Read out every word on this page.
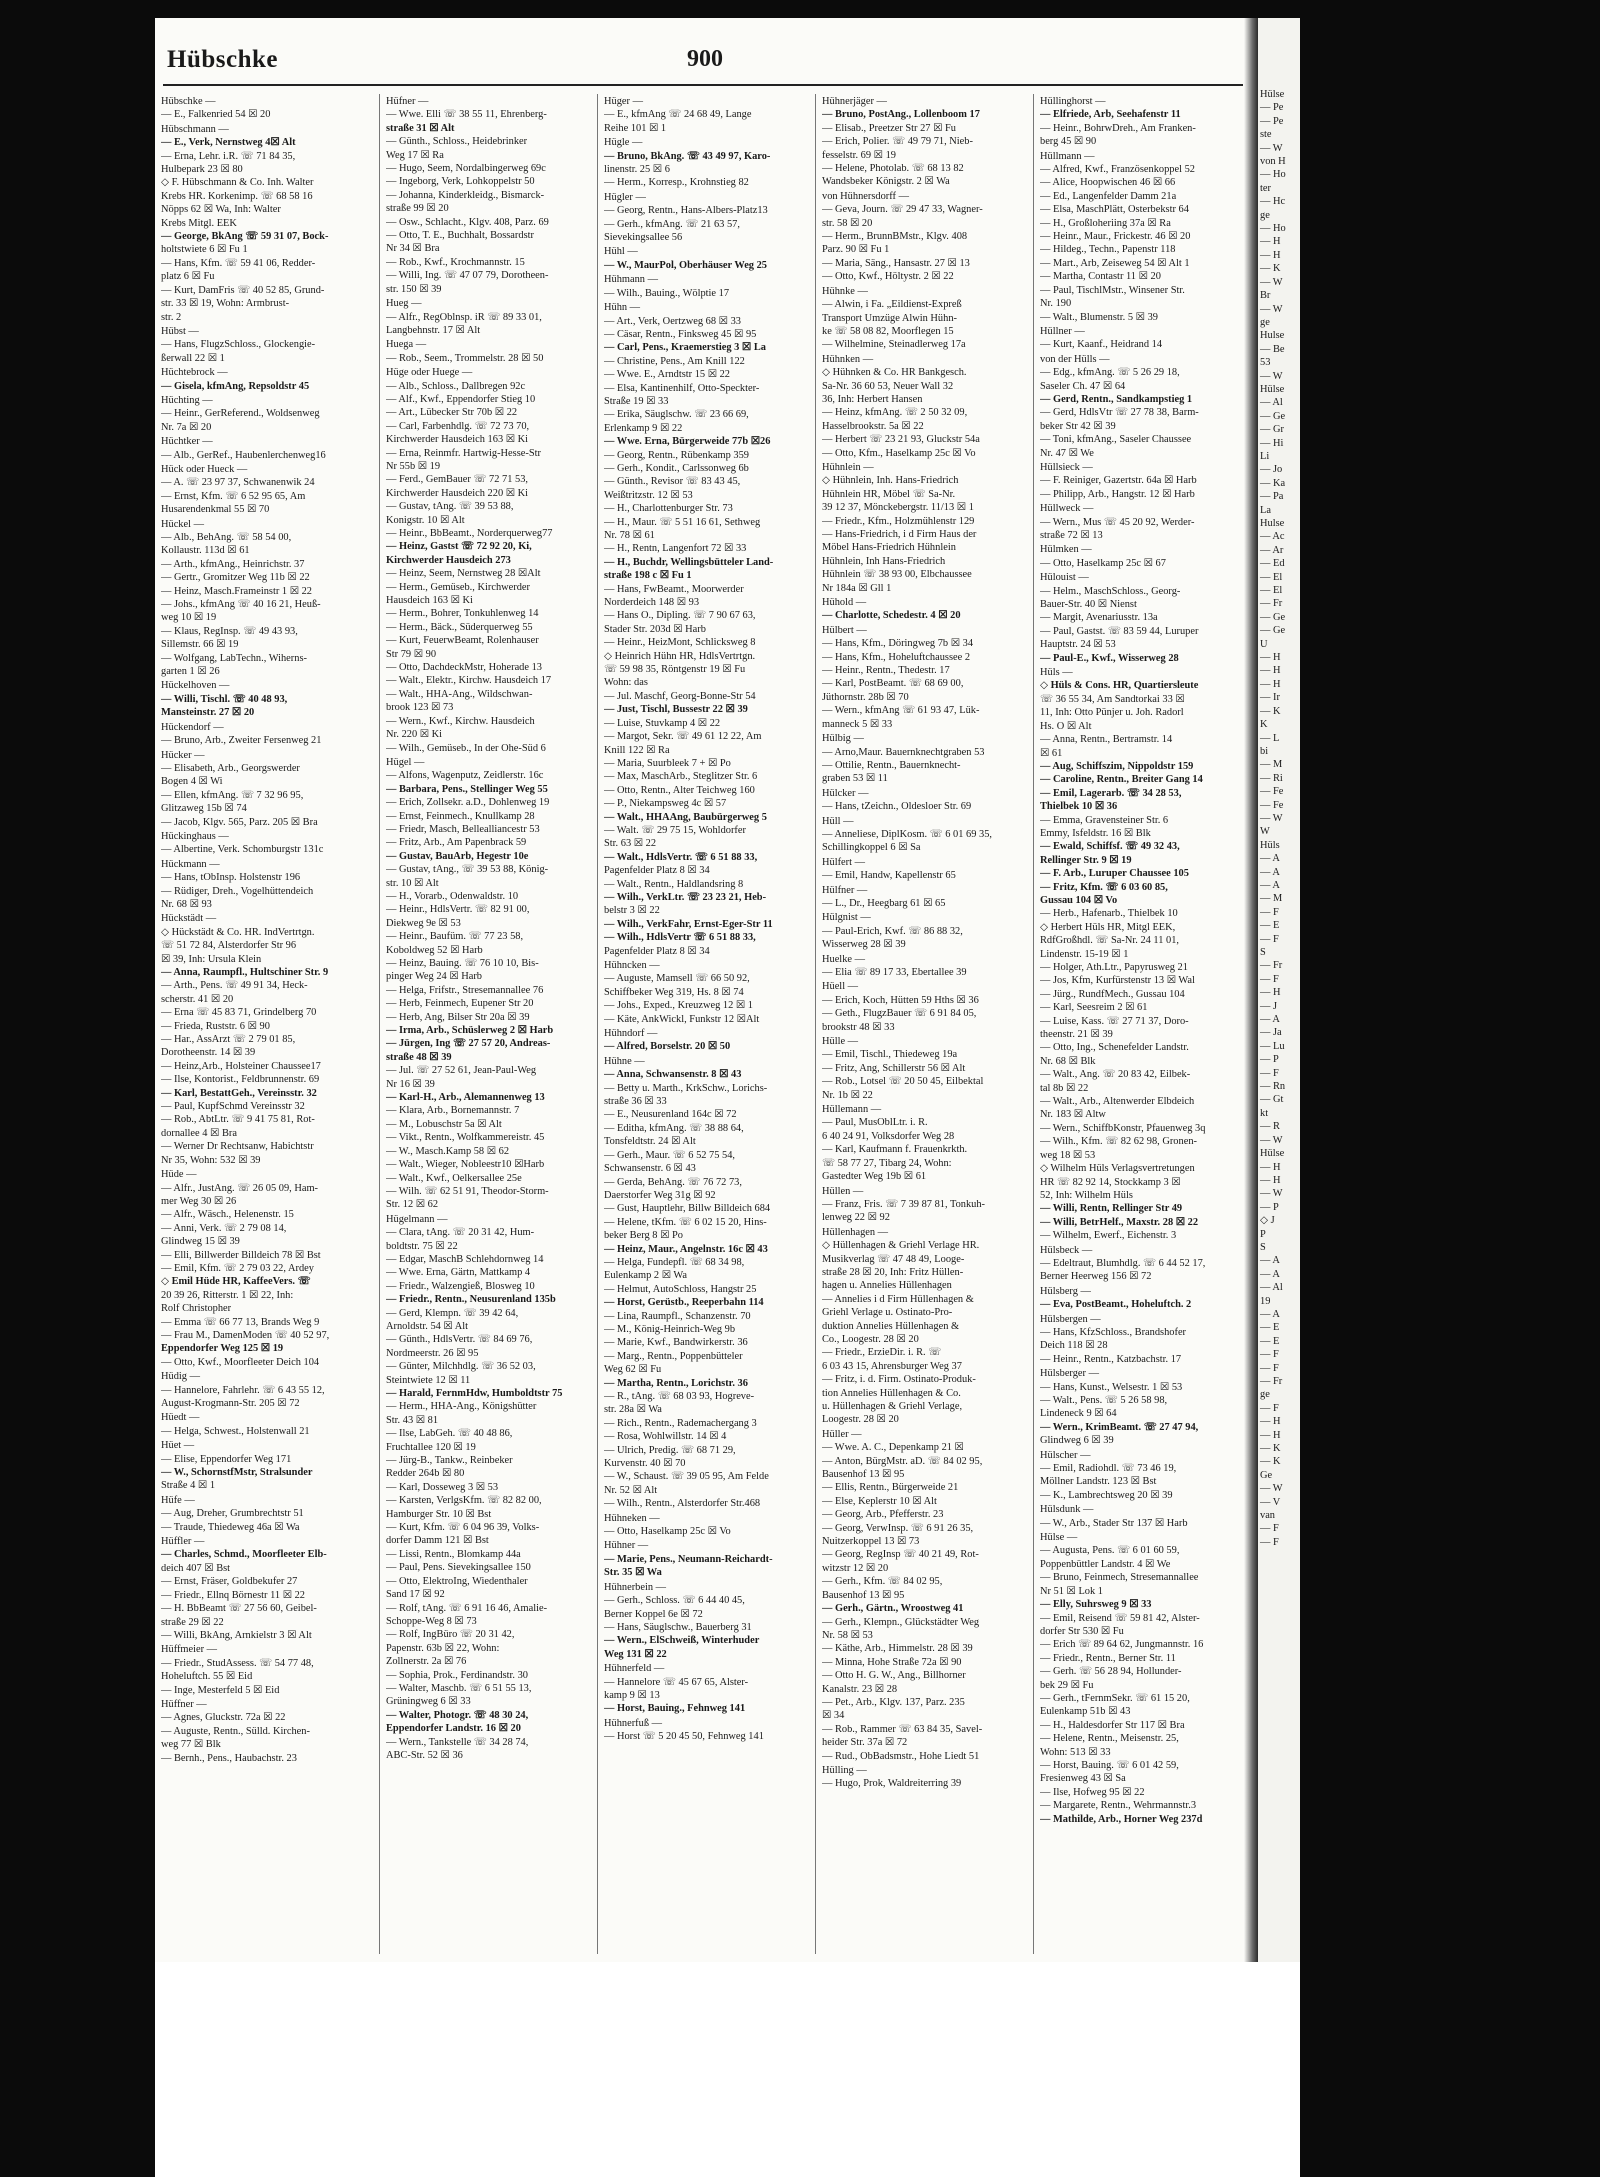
Hübschke	900
Hübschke —
— E., Falkenried 54 ☒ 20
Hübschmann —
— E., Verk, Nernstweg 4☒ Alt
— Erna, Lehr. i.R. ☏ 71 84 35,
Hulbepark 23 ☒ 80
◇ F. Hübschmann & Co. Inh. Walter
Krebs HR. Korkenimp. ☏ 68 58 16
Nöpps 62 ☒ Wa, Inh: Walter
Krebs Mitgl. EEK
— George, BkAng ☏ 59 31 07, Bock-
holtstwiete 6 ☒ Fu 1
— Hans, Kfm. ☏ 59 41 06, Redder-
platz 6 ☒ Fu
— Kurt, DamFris ☏ 40 52 85, Grund-
str. 33 ☒ 19, Wohn: Armbrust-
str. 2
Hübst —
— Hans, FlugzSchloss., Glockengie-
ßerwall 22 ☒ 1
Hüchtebrock —
— Gisela, kfmAng, Repsoldstr 45
Hüchting —
— Heinr., GerReferend., Woldsenweg
Nr. 7a ☒ 20
Hüchtker —
— Alb., GerRef., Haubenlerchenweg16
Hück oder Hueck —
— A. ☏ 23 97 37, Schwanenwik 24
— Ernst, Kfm. ☏ 6 52 95 65, Am
Husarendenkmal 55 ☒ 70
Hückel —
— Alb., BehAng. ☏ 58 54 00,
Kollaustr. 113d ☒ 61
— Arth., kfmAng., Heinrichstr. 37
— Gertr., Gromitzer Weg 11b ☒ 22
— Heinz, Masch.Frameinstr 1 ☒ 22
— Johs., kfmAng ☏ 40 16 21, Heuß-
weg 10 ☒ 19
— Klaus, RegInsp. ☏ 49 43 93,
Sillemstr. 66 ☒ 19
— Wolfgang, LabTechn., Wiherns-
garten 1 ☒ 26
Hückelhoven —
— Willi, Tischl. ☏ 40 48 93,
Mansteinstr. 27 ☒ 20
Hückendorf —
— Bruno, Arb., Zweiter Fersenweg 21
Hücker —
— Elisabeth, Arb., Georgswerder
Bogen 4 ☒ Wi
— Ellen, kfmAng. ☏ 7 32 96 95,
Glitzaweg 15b ☒ 74
— Jacob, Klgv. 565, Parz. 205 ☒ Bra
Hückinghaus —
— Albertine, Verk. Schomburgstr 131c
Hückmann —
— Hans, tObInsp. Holstenstr 196
— Rüdiger, Dreh., Vogelhüttendeich
Nr. 68 ☒ 93
Hückstädt —
◇ Hückstädt & Co. HR. IndVertrtgn.
☏ 51 72 84, Alsterdorfer Str 96
☒ 39, Inh: Ursula Klein
— Anna, Raumpfl., Hultschiner Str. 9
— Arth., Pens. ☏ 49 91 34, Heck-
scherstr. 41 ☒ 20
— Erna ☏ 45 83 71, Grindelberg 70
— Frieda, Ruststr. 6 ☒ 90
— Har., AssArzt ☏ 2 79 01 85,
Dorotheenstr. 14 ☒ 39
— Heinz,Arb., Holsteiner Chaussee17
— Ilse, Kontorist., Feldbrunnenstr. 69
— Karl, BestattGeh., Vereinsstr. 32
— Paul, KupfSchmd Vereinsstr 32
— Rob., AbtLtr. ☏ 9 41 75 81, Rot-
dornallee 4 ☒ Bra
— Werner Dr Rechtsanw, Habichtstr
Nr 35, Wohn: 532 ☒ 39
Hüde —
— Alfr., JustAng. ☏ 26 05 09, Ham-
mer Weg 30 ☒ 26
— Alfr., Wäsch., Helenenstr. 15
— Anni, Verk. ☏ 2 79 08 14,
Glindweg 15 ☒ 39
— Elli, Billwerder Billdeich 78 ☒ Bst
— Emil, Kfm. ☏ 2 79 03 22, Ardey
◇ Emil Hüde HR, KaffeeVers. ☏
20 39 26, Ritterstr. 1 ☒ 22, Inh:
Rolf Christopher
— Emma ☏ 66 77 13, Brands Weg 9
— Frau M., DamenModen ☏ 40 52 97,
Eppendorfer Weg 125 ☒ 19
— Otto, Kwf., Moorfleeter Deich 104
Hüdig —
— Hannelore, Fahrlehr. ☏ 6 43 55 12,
August-Krogmann-Str. 205 ☒ 72
Hüedt —
— Helga, Schwest., Holstenwall 21
Hüet —
— Elise, Eppendorfer Weg 171
— W., SchornstfMstr, Stralsunder
Straße 4 ☒ 1
Hüfe —
— Aug, Dreher, Grumbrechtstr 51
— Traude, Thiedeweg 46a ☒ Wa
Hüffler —
— Charles, Schmd., Moorfleeter Elb-
deich 407 ☒ Bst
— Ernst, Fräser, Goldbekufer 27
— Friedr., Ellnq Börnestr 11 ☒ 22
— H. BbBeamt ☏ 27 56 60, Geibel-
straße 29 ☒ 22
— Willi, BkAng, Arnkielstr 3 ☒ Alt
Hüffmeier —
— Friedr., StudAssess. ☏ 54 77 48,
Hoheluftch. 55 ☒ Eid
— Inge, Mesterfeld 5 ☒ Eid
Hüffner —
— Agnes, Gluckstr. 72a ☒ 22
— Auguste, Rentn., Sülld. Kirchen-
weg 77 ☒ Blk
— Bernh., Pens., Haubachstr. 23
Hüfner —
— Wwe. Elli ☏ 38 55 11, Ehrenberg-
straße 31 ☒ Alt
— Günth., Schloss., Heidebrinker
Weg 17 ☒ Ra
— Hugo, Seem, Nordalbingerweg 69c
— Ingeborg, Verk, Lohkoppelstr 50
— Johanna, Kinderkleidg., Bismarck-
straße 99 ☒ 20
— Osw., Schlacht., Klgv. 408, Parz. 69
— Otto, T. E., Buchhalt, Bossardstr
Nr 34 ☒ Bra
— Rob., Kwf., Krochmannstr. 15
— Willi, Ing. ☏ 47 07 79, Dorotheen-
str. 150 ☒ 39
Hueg —
— Alfr., RegOblnsp. iR ☏ 89 33 01,
Langbehnstr. 17 ☒ Alt
Huega —
— Rob., Seem., Trommelstr. 28 ☒ 50
Hüge oder Huege —
— Alb., Schloss., Dallbregen 92c
— Alf., Kwf., Eppendorfer Stieg 10
— Art., Lübecker Str 70b ☒ 22
— Carl, Farbenhdlg. ☏ 72 73 70,
Kirchwerder Hausdeich 163 ☒ Ki
— Erna, Reinmfr. Hartwig-Hesse-Str
Nr 55b ☒ 19
— Ferd., GemBauer ☏ 72 71 53,
Kirchwerder Hausdeich 220 ☒ Ki
— Gustav, tAng. ☏ 39 53 88,
Konigstr. 10 ☒ Alt
— Heinr., BbBeamt., Norderquerweg77
— Heinz, Gastst ☏ 72 92 20, Ki,
Kirchwerder Hausdeich 273
— Heinz, Seem, Nernstweg 28 ☒Alt
— Herm., Gemüseb., Kirchwerder
Hausdeich 163 ☒ Ki
— Herm., Bohrer, Tonkuhlenweg 14
— Herm., Bäck., Süderquerweg 55
— Kurt, FeuerwBeamt, Rolenhauser
Str 79 ☒ 90
— Otto, DachdeckMstr, Hoherade 13
— Walt., Elektr., Kirchw. Hausdeich 17
— Walt., HHA-Ang., Wildschwan-
brook 123 ☒ 73
— Wern., Kwf., Kirchw. Hausdeich
Nr. 220 ☒ Ki
— Wilh., Gemüseb., In der Ohe-Süd 6
Hügel —
— Alfons, Wagenputz, Zeidlerstr. 16c
— Barbara, Pens., Stellinger Weg 55
— Erich, Zollsekr. a.D., Dohlenweg 19
— Ernst, Feinmech., Knullkamp 28
— Friedr, Masch, Bellealliancestr 53
— Fritz, Arb., Am Papenbrack 59
— Gustav, BauArb, Hegestr 10e
— Gustav, tAng., ☏ 39 53 88, König-
str. 10 ☒ Alt
— H., Vorarb., Odenwaldstr. 10
— Heinr., HdlsVertr. ☏ 82 91 00,
Diekweg 9e ☒ 53
— Heinr., Baufüm. ☏ 77 23 58,
Koboldweg 52 ☒ Harb
— Heinz, Bauing. ☏ 76 10 10, Bis-
pinger Weg 24 ☒ Harb
— Helga, Frifstr., Stresemannallee 76
— Herb, Feinmech, Eupener Str 20
— Herb, Ang, Bilser Str 20a ☒ 39
— Irma, Arb., Schüslerweg 2 ☒ Harb
— Jürgen, Ing ☏ 27 57 20, Andreas-
straße 48 ☒ 39
— Jul. ☏ 27 52 61, Jean-Paul-Weg
Nr 16 ☒ 39
— Karl-H., Arb., Alemannenweg 13
— Klara, Arb., Bornemannstr. 7
— M., Lobuschstr 5a ☒ Alt
— Vikt., Rentn., Wolfkammereistr. 45
— W., Masch.Kamp 58 ☒ 62
— Walt., Wieger, Nobleestr10 ☒Harb
— Walt., Kwf., Oelkersallee 25e
— Wilh. ☏ 62 51 91, Theodor-Storm-
Str. 12 ☒ 62
Hügelmann —
— Clara, tAng. ☏ 20 31 42, Hum-
boldtstr. 75 ☒ 22
— Edgar, MaschB Schlehdornweg 14
— Wwe. Erna, Gärtn, Mattkamp 4
— Friedr., Walzengieß, Blosweg 10
— Friedr., Rentn., Neusurenland 135b
— Gerd, Klempn. ☏ 39 42 64,
Arnoldstr. 54 ☒ Alt
— Günth., HdlsVertr. ☏ 84 69 76,
Nordmeerstr. 26 ☒ 95
— Günter, Milchhdlg. ☏ 36 52 03,
Steintwiete 12 ☒ 11
— Harald, FernmHdw, Humboldtstr 75
— Herm., HHA-Ang., Königshütter
Str. 43 ☒ 81
— Ilse, LabGeh. ☏ 40 48 86,
Fruchtallee 120 ☒ 19
— Jürg-B., Tankw., Reinbeker
Redder 264b ☒ 80
— Karl, Dosseweg 3 ☒ 53
— Karsten, VerlgsKfm. ☏ 82 82 00,
Hamburger Str. 10 ☒ Bst
— Kurt, Kfm. ☏ 6 04 96 39, Volks-
dorfer Damm 121 ☒ Bst
— Lissi, Rentn., Blomkamp 44a
— Paul, Pens. Sievekingsallee 150
— Otto, ElektroIng, Wiedenthaler
Sand 17 ☒ 92
— Rolf, tAng. ☏ 6 91 16 46, Amalie-
Schoppe-Weg 8 ☒ 73
— Rolf, IngBüro ☏ 20 31 42,
Papenstr. 63b ☒ 22, Wohn:
Zollnerstr. 2a ☒ 76
— Sophia, Prok., Ferdinandstr. 30
— Walter, Maschb. ☏ 6 51 55 13,
Grüningweg 6 ☒ 33
— Walter, Photogr. ☏ 48 30 24,
Eppendorfer Landstr. 16 ☒ 20
— Wern., Tankstelle ☏ 34 28 74,
ABC-Str. 52 ☒ 36
Hüger —
— E., kfmAng ☏ 24 68 49, Lange
Reihe 101 ☒ 1
Hügle —
— Bruno, BkAng. ☏ 43 49 97, Karo-
linenstr. 25 ☒ 6
— Herm., Korresp., Krohnstieg 82
Hügler —
— Georg, Rentn., Hans-Albers-Platz13
— Gerh., kfmAng. ☏ 21 63 57,
Sievekingsallee 56
Hühl —
— W., MaurPol, Oberhäuser Weg 25
Hühmann —
— Wilh., Bauing., Wölptie 17
Hühn —
— Art., Verk, Oertzweg 68 ☒ 33
— Cäsar, Rentn., Finksweg 45 ☒ 95
— Carl, Pens., Kraemerstieg 3 ☒ La
— Christine, Pens., Am Knill 122
— Wwe. E., Arndtstr 15 ☒ 22
— Elsa, Kantinenhilf, Otto-Speckter-
Straße 19 ☒ 33
— Erika, Säuglschw. ☏ 23 66 69,
Erlenkamp 9 ☒ 22
— Wwe. Erna, Bürgerweide 77b ☒26
— Georg, Rentn., Rübenkamp 359
— Gerh., Kondit., Carlssonweg 6b
— Günth., Revisor ☏ 83 43 45,
Weißtritzstr. 12 ☒ 53
— H., Charlottenburger Str. 73
— H., Maur. ☏ 5 51 16 61, Sethweg
Nr. 78 ☒ 61
— H., Rentn, Langenfort 72 ☒ 33
— H., Buchdr, Wellingsbütteler Land-
straße 198 c ☒ Fu 1
— Hans, FwBeamt., Moorwerder
Norderdeich 148 ☒ 93
— Hans O., Dipling. ☏ 7 90 67 63,
Stader Str. 203d ☒ Harb
— Heinr., HeizMont, Schlicksweg 8
◇ Heinrich Hühn HR, HdlsVertrtgn.
☏ 59 98 35, Röntgenstr 19 ☒ Fu
Wohn: das
— Jul. Maschf, Georg-Bonne-Str 54
— Just, Tischl, Bussestr 22 ☒ 39
— Luise, Stuvkamp 4 ☒ 22
— Margot, Sekr. ☏ 49 61 12 22, Am
Knill 122 ☒ Ra
— Maria, Suurbleek 7 + ☒ Po
— Max, MaschArb., Steglitzer Str. 6
— Otto, Rentn., Alter Teichweg 160
— P., Niekampsweg 4c ☒ 57
— Walt., HHAAng, Baubürgerweg 5
— Walt. ☏ 29 75 15, Wohldorfer
Str. 63 ☒ 22
— Walt., HdlsVertr. ☏ 6 51 88 33,
Pagenfelder Platz 8 ☒ 34
— Walt., Rentn., Haldlandsring 8
— Wilh., VerkLtr. ☏ 23 23 21, Heb-
belstr 3 ☒ 22
— Wilh., VerkFahr, Ernst-Eger-Str 11
— Wilh., HdlsVertr ☏ 6 51 88 33,
Pagenfelder Platz 8 ☒ 34
Hühncken —
— Auguste, Mamsell ☏ 66 50 92,
Schiffbeker Weg 319, Hs. 8 ☒ 74
— Johs., Exped., Kreuzweg 12 ☒ 1
— Käte, AnkWickl, Funkstr 12 ☒Alt
Hühndorf —
— Alfred, Borselstr. 20 ☒ 50
Hühne —
— Anna, Schwansenstr. 8 ☒ 43
— Betty u. Marth., KrkSchw., Lorichs-
straße 36 ☒ 33
— E., Neusurenland 164c ☒ 72
— Editha, kfmAng. ☏ 38 88 64,
Tonsfeldtstr. 24 ☒ Alt
— Gerh., Maur. ☏ 6 52 75 54,
Schwansenstr. 6 ☒ 43
— Gerda, BehAng. ☏ 76 72 73,
Daerstorfer Weg 31g ☒ 92
— Gust, Hauptlehr, Billw Billdeich 684
— Helene, tKfm. ☏ 6 02 15 20, Hins-
beker Berg 8 ☒ Po
— Heinz, Maur., Angelnstr. 16c ☒ 43
— Helga, Fundepfl. ☏ 68 34 98,
Eulenkamp 2 ☒ Wa
— Helmut, AutoSchloss, Hangstr 25
— Horst, Gerüstb., Reeperbahn 114
— Lina, Raumpfl., Schanzenstr. 70
— M., König-Heinrich-Weg 9b
— Marie, Kwf., Bandwirkerstr. 36
— Marg., Rentn., Poppenbütteler
Weg 62 ☒ Fu
— Martha, Rentn., Lorichstr. 36
— R., tAng. ☏ 68 03 93, Hogreve-
str. 28a ☒ Wa
— Rich., Rentn., Rademachergang 3
— Rosa, Wohlwillstr. 14 ☒ 4
— Ulrich, Predig. ☏ 68 71 29,
Kurvenstr. 40 ☒ 70
— W., Schaust. ☏ 39 05 95, Am Felde
Nr. 52 ☒ Alt
— Wilh., Rentn., Alsterdorfer Str.468
Hühneken —
— Otto, Haselkamp 25c ☒ Vo
Hühner —
— Marie, Pens., Neumann-Reichardt-
Str. 35 ☒ Wa
Hühnerbein —
— Gerh., Schloss. ☏ 6 44 40 45,
Berner Koppel 6e ☒ 72
— Hans, Säuglschw., Bauerberg 31
— Wern., ElSchweiß, Winterhuder
Weg 131 ☒ 22
Hühnerfeld —
— Hannelore ☏ 45 67 65, Alster-
kamp 9 ☒ 13
— Horst, Bauing., Fehnweg 141
Hühnerfuß —
— Horst ☏ 5 20 45 50, Fehnweg 141
Hühnerjäger —
— Bruno, PostAng., Lollenboom 17
— Elisab., Preetzer Str 27 ☒ Fu
— Erich, Polier. ☏ 49 79 71, Nieb-
fesselstr. 69 ☒ 19
— Helene, Photolab. ☏ 68 13 82
Wandsbeker Königstr. 2 ☒ Wa
von Hühnersdorff —
— Geva, Journ. ☏ 29 47 33, Wagner-
str. 58 ☒ 20
— Herm., BrunnBMstr., Klgv. 408
Parz. 90 ☒ Fu 1
— Maria, Säng., Hansastr. 27 ☒ 13
— Otto, Kwf., Höltystr. 2 ☒ 22
Hühnke —
— Alwin, i Fa. „Eildienst-Expreß
Transport Umzüge Alwin Hühn-
ke ☏ 58 08 82, Moorflegen 15
— Wilhelmine, Steinadlerweg 17a
Hühnken —
◇ Hühnken & Co. HR Bankgesch.
Sa-Nr. 36 60 53, Neuer Wall 32
36, Inh: Herbert Hansen
— Heinz, kfmAng. ☏ 2 50 32 09,
Hasselbrookstr. 5a ☒ 22
— Herbert ☏ 23 21 93, Gluckstr 54a
— Otto, Kfm., Haselkamp 25c ☒ Vo
Hühnlein —
◇ Hühnlein, Inh. Hans-Friedrich
Hühnlein HR, Möbel ☏ Sa-Nr.
39 12 37, Mönckebergstr. 11/13 ☒ 1
— Friedr., Kfm., Holzmühlenstr 129
— Hans-Friedrich, i d Firm Haus der
Möbel Hans-Friedrich Hühnlein
Hühnlein, Inh Hans-Friedrich
Hühnlein ☏ 38 93 00, Elbchaussee
Nr 184a ☒ Gll 1
Hühold —
— Charlotte, Schedestr. 4 ☒ 20
Hülbert —
— Hans, Kfm., Döringweg 7b ☒ 34
— Hans, Kfm., Hoheluftchaussee 2
— Heinr., Rentn., Thedestr. 17
— Karl, PostBeamt. ☏ 68 69 00,
Jüthornstr. 28b ☒ 70
— Wern., kfmAng ☏ 61 93 47, Lük-
manneck 5 ☒ 33
Hülbig —
— Arno,Maur. Bauernknechtgraben 53
— Ottilie, Rentn., Bauernknecht-
graben 53 ☒ 11
Hülcker —
— Hans, tZeichn., Oldesloer Str. 69
Hüll —
— Anneliese, DiplKosm. ☏ 6 01 69 35,
Schillingkoppel 6 ☒ Sa
Hülfert —
— Emil, Handw, Kapellenstr 65
Hülfner —
— L., Dr., Heegbarg 61 ☒ 65
Hülgnist —
— Paul-Erich, Kwf. ☏ 86 88 32,
Wisserweg 28 ☒ 39
Huelke —
— Elia ☏ 89 17 33, Ebertallee 39
Hüell —
— Erich, Koch, Hütten 59 Hths ☒ 36
— Geth., FlugzBauer ☏ 6 91 84 05,
brookstr 48 ☒ 33
Hülle —
— Emil, Tischl., Thiedeweg 19a
— Fritz, Ang, Schillerstr 56 ☒ Alt
— Rob., Lotsel ☏ 20 50 45, Eilbektal
Nr. 1b ☒ 22
Hüllemann —
— Paul, MusOblLtr. i. R.
6 40 24 91, Volksdorfer Weg 28
— Karl, Kaufmann f. Frauenkrkth.
☏ 58 77 27, Tibarg 24, Wohn:
Gastedter Weg 19b ☒ 61
Hüllen —
— Franz, Fris. ☏ 7 39 87 81, Tonkuh-
lenweg 22 ☒ 92
Hüllenhagen —
◇ Hüllenhagen & Griehl Verlage HR.
Musikverlag ☏ 47 48 49, Looge-
straße 28 ☒ 20, Inh: Fritz Hüllen-
hagen u. Annelies Hüllenhagen
— Annelies i d Firm Hüllenhagen &
Griehl Verlage u. Ostinato-Pro-
duktion Annelies Hüllenhagen &
Co., Loogestr. 28 ☒ 20
— Friedr., ErzieDir. i. R. ☏
6 03 43 15, Ahrensburger Weg 37
— Fritz, i. d. Firm. Ostinato-Produk-
tion Annelies Hüllenhagen & Co.
u. Hüllenhagen & Griehl Verlage,
Loogestr. 28 ☒ 20
Hüller —
— Wwe. A. C., Depenkamp 21 ☒
— Anton, BürgMstr. aD. ☏ 84 02 95,
Bausenhof 13 ☒ 95
— Ellis, Rentn., Bürgerweide 21
— Else, Keplerstr 10 ☒ Alt
— Georg, Arb., Pfefferstr. 23
— Georg, VerwInsp. ☏ 6 91 26 35,
Nuitzerkoppel 13 ☒ 73
— Georg, RegInsp ☏ 40 21 49, Rot-
witzstr 12 ☒ 20
— Gerh., Kfm. ☏ 84 02 95,
Bausenhof 13 ☒ 95
— Gerh., Gärtn., Wroostweg 41
— Gerh., Klempn., Glückstädter Weg
Nr. 58 ☒ 53
— Käthe, Arb., Himmelstr. 28 ☒ 39
— Minna, Hohe Straße 72a ☒ 90
— Otto H. G. W., Ang., Billhorner
Kanalstr. 23 ☒ 28
— Pet., Arb., Klgv. 137, Parz. 235
☒ 34
— Rob., Rammer ☏ 63 84 35, Savel-
heider Str. 37a ☒ 72
— Rud., ObBadsmstr., Hohe Liedt 51
Hülling —
— Hugo, Prok, Waldreiterring 39
Hüllinghorst —
— Elfriede, Arb, Seehafenstr 11
— Heinr., BohrwDreh., Am Franken-
berg 45 ☒ 90
Hüllmann —
— Alfred, Kwf., Französenkoppel 52
— Alice, Hoopwischen 46 ☒ 66
— Ed., Langenfelder Damm 21a
— Elsa, MaschPlätt, Osterbekstr 64
— H., Großloheriing 37a ☒ Ra
— Heinr., Maur., Frickestr. 46 ☒ 20
— Hildeg., Techn., Papenstr 118
— Mart., Arb, Zeiseweg 54 ☒ Alt 1
— Martha, Contastr 11 ☒ 20
— Paul, TischlMstr., Winsener Str.
Nr. 190
— Walt., Blumenstr. 5 ☒ 39
Hüllner —
— Kurt, Kaanf., Heidrand 14
von der Hülls —
— Edg., kfmAng. ☏ 5 26 29 18,
Saseler Ch. 47 ☒ 64
— Gerd, Rentn., Sandkampstieg 1
— Gerd, HdlsVtr ☏ 27 78 38, Barm-
beker Str 42 ☒ 39
— Toni, kfmAng., Saseler Chaussee
Nr. 47 ☒ We
Hüllsieck —
— F. Reiniger, Gazertstr. 64a ☒ Harb
— Philipp, Arb., Hangstr. 12 ☒ Harb
Hüllweck —
— Wern., Mus ☏ 45 20 92, Werder-
straße 72 ☒ 13
Hülmken —
— Otto, Haselkamp 25c ☒ 67
Hülouist —
— Helm., MaschSchloss., Georg-
Bauer-Str. 40 ☒ Nienst
— Margit, Avenariusstr. 13a
— Paul, Gastst. ☏ 83 59 44, Luruper
Hauptstr. 24 ☒ 53
— Paul-E., Kwf., Wisserweg 28
Hüls —
◇ Hüls & Cons. HR, Quartiersleute
☏ 36 55 34, Am Sandtorkai 33 ☒
11, Inh: Otto Pünjer u. Joh. Radorl
Hs. O ☒ Alt
— Anna, Rentn., Bertramstr. 14
☒ 61
— Aug, Schiffszim, Nippoldstr 159
— Caroline, Rentn., Breiter Gang 14
— Emil, Lagerarb. ☏ 34 28 53,
Thielbek 10 ☒ 36
— Emma, Gravensteiner Str. 6
Emmy, Isfeldstr. 16 ☒ Blk
— Ewald, Schiffsf. ☏ 49 32 43,
Rellinger Str. 9 ☒ 19
— F. Arb., Luruper Chaussee 105
— Fritz, Kfm. ☏ 6 03 60 85,
Gussau 104 ☒ Vo
— Herb., Hafenarb., Thielbek 10
◇ Herbert Hüls HR, Mitgl EEK,
RdfGroßhdl. ☏ Sa-Nr. 24 11 01,
Lindenstr. 15-19 ☒ 1
— Holger, Ath.Ltr., Papyrusweg 21
— Jos, Kfm, Kurfürstenstr 13 ☒ Wal
— Jürg., RundfMech., Gussau 104
— Karl, Seesreim 2 ☒ 61
— Luise, Kass. ☏ 27 71 37, Doro-
theenstr. 21 ☒ 39
— Otto, Ing., Schenefelder Landstr.
Nr. 68 ☒ Blk
— Walt., Ang. ☏ 20 83 42, Eilbek-
tal 8b ☒ 22
— Walt., Arb., Altenwerder Elbdeich
Nr. 183 ☒ Altw
— Wern., SchiffbKonstr, Pfauenweg 3q
— Wilh., Kfm. ☏ 82 62 98, Gronen-
weg 18 ☒ 53
◇ Wilhelm Hüls Verlagsvertretungen
HR ☏ 82 92 14, Stockkamp 3 ☒
52, Inh: Wilhelm Hüls
— Willi, Rentn, Rellinger Str 49
— Willi, BetrHelf., Maxstr. 28 ☒ 22
— Wilhelm, Ewerf., Eichenstr. 3
Hülsbeck —
— Edeltraut, Blumhdlg. ☏ 6 44 52 17,
Berner Heerweg 156 ☒ 72
Hülsberg —
— Eva, PostBeamt., Hoheluftch. 2
Hülsbergen —
— Hans, KfzSchloss., Brandshofer
Deich 118 ☒ 28
— Heinr., Rentn., Katzbachstr. 17
Hülsberger —
— Hans, Kunst., Welsestr. 1 ☒ 53
— Walt., Pens. ☏ 5 26 58 98,
Lindeneck 9 ☒ 64
— Wern., KrimBeamt. ☏ 27 47 94,
Glindweg 6 ☒ 39
Hülscher —
— Emil, Radiohdl. ☏ 73 46 19,
Möllner Landstr. 123 ☒ Bst
— K., Lambrechtsweg 20 ☒ 39
Hülsdunk —
— W., Arb., Stader Str 137 ☒ Harb
Hülse —
— Augusta, Pens. ☏ 6 01 60 59,
Poppenbüttler Landstr. 4 ☒ We
— Bruno, Feinmech, Stresemannallee
Nr 51 ☒ Lok 1
— Elly, Suhrsweg 9 ☒ 33
— Emil, Reisend ☏ 59 81 42, Alster-
dorfer Str 530 ☒ Fu
— Erich ☏ 89 64 62, Jungmannstr. 16
— Friedr., Rentn., Berner Str. 11
— Gerh. ☏ 56 28 94, Hollunder-
bek 29 ☒ Fu
— Gerh., tFernmSekr. ☏ 61 15 20,
Eulenkamp 51b ☒ 43
— H., Haldesdorfer Str 117 ☒ Bra
— Helene, Rentn., Meisenstr. 25,
Wohn: 513 ☒ 33
— Horst, Bauing. ☏ 6 01 42 59,
Fresienweg 43 ☒ Sa
— Ilse, Hofweg 95 ☒ 22
— Margarete, Rentn., Wehrmannstr.3
— Mathilde, Arb., Horner Weg 237d
Hülse
— Pe
— Pe
ste
— W
von H
— Ho
ter
— Hc
ge
— Ho
— H
— H
— K
— W
Br
— W
ge
Hulse
— Be
53
— W
Hülse
— Al
— Ge
— Gr
— Hi
Li
— Jo
— Ka
— Pa
La
Hulse
— Ac
— Ar
— Ed
— El
— El
— Fr
— Ge
— Ge
U
— H
— H
— H
— Ir
— K
K
— L
bi
— M
— Ri
— Fe
— Fe
— W
W
Hüls
— A
— A
— A
— M
— F
— E
— F
S
— Fr
— F
— H
— J
— A
— Ja
— Lu
— P
— F
— Rn
— Gt
kt
— R
— W
Hülse
— H
— H
— W
— P
◇ J
P
S
— A
— A
— Al
19
— A
— E
— E
— F
— F
— Fr
ge
— F
— H
— H
— K
— K
Ge
— W
— V
van
— F
— F
